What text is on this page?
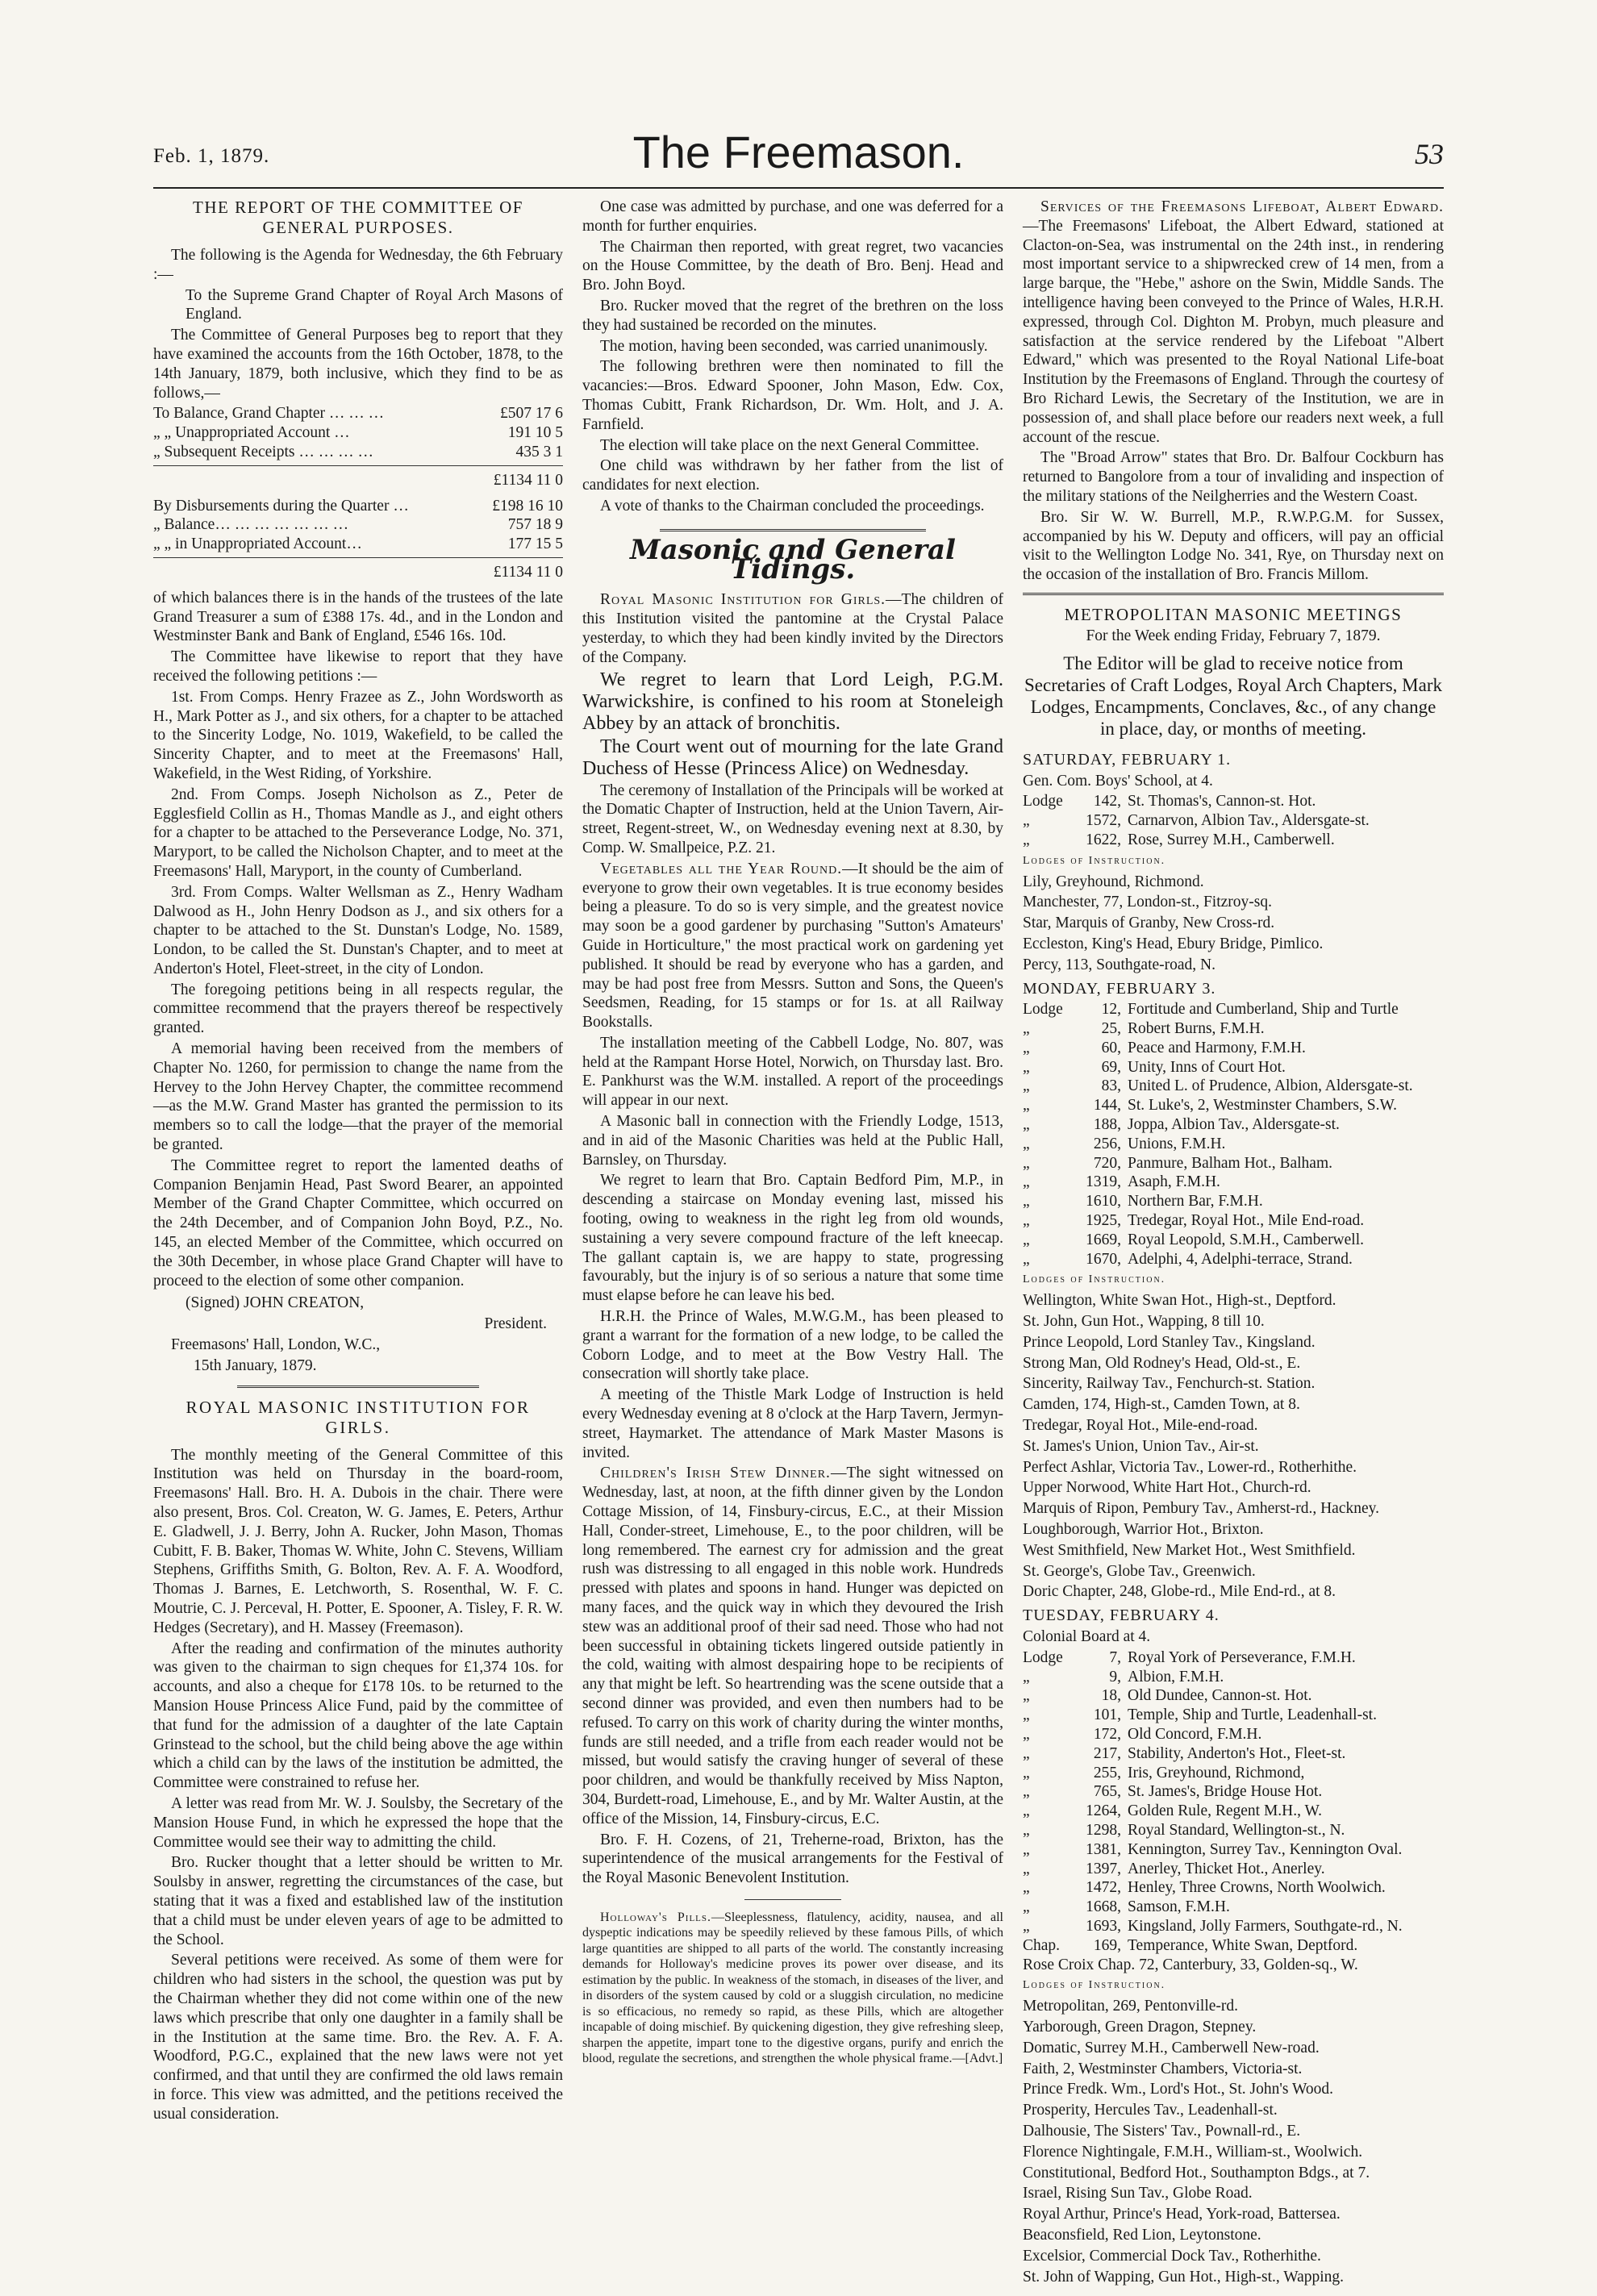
Feb. 1, 1879.	The Freemason.	53

THE REPORT OF THE COMMITTEE OF GENERAL PURPOSES.

The following is the Agenda for Wednesday, the 6th February :—

To the Supreme Grand Chapter of Royal Arch Masons of England.

The Committee of General Purposes beg to report that they have examined the accounts from the 16th October, 1878, to the 14th January, 1879, both inclusive, which they find to be as follows,—

To Balance, Grand Chapter … … …	£507 17 6
„ „ Unappropriated Account …	191 10 5
„ Subsequent Receipts … … … …	435 3 1
£1134 11 0
By Disbursements during the Quarter …	£198 16 10
„ Balance… … … … … … …	757 18 9
„ „ in Unappropriated Account…	177 15 5
£1134 11 0

of which balances there is in the hands of the trustees of the late Grand Treasurer a sum of £388 17s. 4d., and in the London and Westminster Bank and Bank of England, £546 16s. 10d.

The Committee have likewise to report that they have received the following petitions :—

1st. From Comps. Henry Frazee as Z., John Wordsworth as H., Mark Potter as J., and six others, for a chapter to be attached to the Sincerity Lodge, No. 1019, Wakefield, to be called the Sincerity Chapter, and to meet at the Freemasons' Hall, Wakefield, in the West Riding, of Yorkshire.

2nd. From Comps. Joseph Nicholson as Z., Peter de Egglesfield Collin as H., Thomas Mandle as J., and eight others for a chapter to be attached to the Perseverance Lodge, No. 371, Maryport, to be called the Nicholson Chapter, and to meet at the Freemasons' Hall, Maryport, in the county of Cumberland.

3rd. From Comps. Walter Wellsman as Z., Henry Wadham Dalwood as H., John Henry Dodson as J., and six others for a chapter to be attached to the St. Dunstan's Lodge, No. 1589, London, to be called the St. Dunstan's Chapter, and to meet at Anderton's Hotel, Fleet-street, in the city of London.

The foregoing petitions being in all respects regular, the committee recommend that the prayers thereof be respectively granted.

A memorial having been received from the members of Chapter No. 1260, for permission to change the name from the Hervey to the John Hervey Chapter, the committee recommend—as the M.W. Grand Master has granted the permission to its members so to call the lodge—that the prayer of the memorial be granted.

The Committee regret to report the lamented deaths of Companion Benjamin Head, Past Sword Bearer, an appointed Member of the Grand Chapter Committee, which occurred on the 24th December, and of Companion John Boyd, P.Z., No. 145, an elected Member of the Committee, which occurred on the 30th December, in whose place Grand Chapter will have to proceed to the election of some other companion.

(Signed) JOHN CREATON,

President.

Freemasons' Hall, London, W.C.,

15th January, 1879.

ROYAL MASONIC INSTITUTION FOR GIRLS.

The monthly meeting of the General Committee of this Institution was held on Thursday in the board-room, Freemasons' Hall. Bro. H. A. Dubois in the chair. There were also present, Bros. Col. Creaton, W. G. James, E. Peters, Arthur E. Gladwell, J. J. Berry, John A. Rucker, John Mason, Thomas Cubitt, F. B. Baker, Thomas W. White, John C. Stevens, William Stephens, Griffiths Smith, G. Bolton, Rev. A. F. A. Woodford, Thomas J. Barnes, E. Letchworth, S. Rosenthal, W. F. C. Moutrie, C. J. Perceval, H. Potter, E. Spooner, A. Tisley, F. R. W. Hedges (Secretary), and H. Massey (Freemason).

After the reading and confirmation of the minutes authority was given to the chairman to sign cheques for £1,374 10s. for accounts, and also a cheque for £178 10s. to be returned to the Mansion House Princess Alice Fund, paid by the committee of that fund for the admission of a daughter of the late Captain Grinstead to the school, but the child being above the age within which a child can by the laws of the institution be admitted, the Committee were constrained to refuse her.

A letter was read from Mr. W. J. Soulsby, the Secretary of the Mansion House Fund, in which he expressed the hope that the Committee would see their way to admitting the child.

Bro. Rucker thought that a letter should be written to Mr. Soulsby in answer, regretting the circumstances of the case, but stating that it was a fixed and established law of the institution that a child must be under eleven years of age to be admitted to the School.

Several petitions were received. As some of them were for children who had sisters in the school, the question was put by the Chairman whether they did not come within one of the new laws which prescribe that only one daughter in a family shall be in the Institution at the same time. Bro. the Rev. A. F. A. Woodford, P.G.C., explained that the new laws were not yet confirmed, and that until they are confirmed the old laws remain in force. This view was admitted, and the petitions received the usual consideration.

One case was admitted by purchase, and one was deferred for a month for further enquiries.

The Chairman then reported, with great regret, two vacancies on the House Committee, by the death of Bro. Benj. Head and Bro. John Boyd.

Bro. Rucker moved that the regret of the brethren on the loss they had sustained be recorded on the minutes.

The motion, having been seconded, was carried unanimously.

The following brethren were then nominated to fill the vacancies:—Bros. Edward Spooner, John Mason, Edw. Cox, Thomas Cubitt, Frank Richardson, Dr. Wm. Holt, and J. A. Farnfield.

The election will take place on the next General Committee.

One child was withdrawn by her father from the list of candidates for next election.

A vote of thanks to the Chairman concluded the proceedings.

Masonic and General Tidings.

Royal Masonic Institution for Girls.—The children of this Institution visited the pantomine at the Crystal Palace yesterday, to which they had been kindly invited by the Directors of the Company.

We regret to learn that Lord Leigh, P.G.M. Warwickshire, is confined to his room at Stoneleigh Abbey by an attack of bronchitis.

The Court went out of mourning for the late Grand Duchess of Hesse (Princess Alice) on Wednesday.

The ceremony of Installation of the Principals will be worked at the Domatic Chapter of Instruction, held at the Union Tavern, Air-street, Regent-street, W., on Wednesday evening next at 8.30, by Comp. W. Smallpeice, P.Z. 21.

Vegetables all the Year Round.—It should be the aim of everyone to grow their own vegetables. It is true economy besides being a pleasure. To do so is very simple, and the greatest novice may soon be a good gardener by purchasing "Sutton's Amateurs' Guide in Horticulture," the most practical work on gardening yet published. It should be read by everyone who has a garden, and may be had post free from Messrs. Sutton and Sons, the Queen's Seedsmen, Reading, for 15 stamps or for 1s. at all Railway Bookstalls.

The installation meeting of the Cabbell Lodge, No. 807, was held at the Rampant Horse Hotel, Norwich, on Thursday last. Bro. E. Pankhurst was the W.M. installed. A report of the proceedings will appear in our next.

A Masonic ball in connection with the Friendly Lodge, 1513, and in aid of the Masonic Charities was held at the Public Hall, Barnsley, on Thursday.

We regret to learn that Bro. Captain Bedford Pim, M.P., in descending a staircase on Monday evening last, missed his footing, owing to weakness in the right leg from old wounds, sustaining a very severe compound fracture of the left kneecap. The gallant captain is, we are happy to state, progressing favourably, but the injury is of so serious a nature that some time must elapse before he can leave his bed.

H.R.H. the Prince of Wales, M.W.G.M., has been pleased to grant a warrant for the formation of a new lodge, to be called the Coborn Lodge, and to meet at the Bow Vestry Hall. The consecration will shortly take place.

A meeting of the Thistle Mark Lodge of Instruction is held every Wednesday evening at 8 o'clock at the Harp Tavern, Jermyn-street, Haymarket. The attendance of Mark Master Masons is invited.

Children's Irish Stew Dinner.—The sight witnessed on Wednesday, last, at noon, at the fifth dinner given by the London Cottage Mission, of 14, Finsbury-circus, E.C., at their Mission Hall, Conder-street, Limehouse, E., to the poor children, will be long remembered. The earnest cry for admission and the great rush was distressing to all engaged in this noble work. Hundreds pressed with plates and spoons in hand. Hunger was depicted on many faces, and the quick way in which they devoured the Irish stew was an additional proof of their sad need. Those who had not been successful in obtaining tickets lingered outside patiently in the cold, waiting with almost despairing hope to be recipients of any that might be left. So heartrending was the scene outside that a second dinner was provided, and even then numbers had to be refused. To carry on this work of charity during the winter months, funds are still needed, and a trifle from each reader would not be missed, but would satisfy the craving hunger of several of these poor children, and would be thankfully received by Miss Napton, 304, Burdett-road, Limehouse, E., and by Mr. Walter Austin, at the office of the Mission, 14, Finsbury-circus, E.C.

Bro. F. H. Cozens, of 21, Treherne-road, Brixton, has the superintendence of the musical arrangements for the Festival of the Royal Masonic Benevolent Institution.

Holloway's Pills.—Sleeplessness, flatulency, acidity, nausea, and all dyspeptic indications may be speedily relieved by these famous Pills, of which large quantities are shipped to all parts of the world. The constantly increasing demands for Holloway's medicine proves its power over disease, and its estimation by the public. In weakness of the stomach, in diseases of the liver, and in disorders of the system caused by cold or a sluggish circulation, no medicine is so efficacious, no remedy so rapid, as these Pills, which are altogether incapable of doing mischief. By quickening digestion, they give refreshing sleep, sharpen the appetite, impart tone to the digestive organs, purify and enrich the blood, regulate the secretions, and strengthen the whole physical frame.—[Advt.]

Services of the Freemasons Lifeboat, Albert Edward.—The Freemasons' Lifeboat, the Albert Edward, stationed at Clacton-on-Sea, was instrumental on the 24th inst., in rendering most important service to a shipwrecked crew of 14 men, from a large barque, the "Hebe," ashore on the Swin, Middle Sands. The intelligence having been conveyed to the Prince of Wales, H.R.H. expressed, through Col. Dighton M. Probyn, much pleasure and satisfaction at the service rendered by the Lifeboat "Albert Edward," which was presented to the Royal National Life-boat Institution by the Freemasons of England. Through the courtesy of Bro Richard Lewis, the Secretary of the Institution, we are in possession of, and shall place before our readers next week, a full account of the rescue.

The "Broad Arrow" states that Bro. Dr. Balfour Cockburn has returned to Bangolore from a tour of invaliding and inspection of the military stations of the Neilgherries and the Western Coast.

Bro. Sir W. W. Burrell, M.P., R.W.P.G.M. for Sussex, accompanied by his W. Deputy and officers, will pay an official visit to the Wellington Lodge No. 341, Rye, on Thursday next on the occasion of the installation of Bro. Francis Millom.

METROPOLITAN MASONIC MEETINGS

For the Week ending Friday, February 7, 1879.

The Editor will be glad to receive notice from Secretaries of Craft Lodges, Royal Arch Chapters, Mark Lodges, Encampments, Conclaves, &c., of any change in place, day, or months of meeting.

SATURDAY, FEBRUARY 1.

Gen. Com. Boys' School, at 4.

Lodge	142, St. Thomas's, Cannon-st. Hot.
„	1572, Carnarvon, Albion Tav., Aldersgate-st.
„	1622, Rose, Surrey M.H., Camberwell.

Lodges of Instruction.

Lily, Greyhound, Richmond.

Manchester, 77, London-st., Fitzroy-sq.

Star, Marquis of Granby, New Cross-rd.

Eccleston, King's Head, Ebury Bridge, Pimlico.

Percy, 113, Southgate-road, N.

MONDAY, FEBRUARY 3.

Lodge	12, Fortitude and Cumberland, Ship and Turtle
„	25, Robert Burns, F.M.H.
„	60, Peace and Harmony, F.M.H.
„	69, Unity, Inns of Court Hot.
„	83, United L. of Prudence, Albion, Aldersgate-st.
„	144, St. Luke's, 2, Westminster Chambers, S.W.
„	188, Joppa, Albion Tav., Aldersgate-st.
„	256, Unions, F.M.H.
„	720, Panmure, Balham Hot., Balham.
„	1319, Asaph, F.M.H.
„	1610, Northern Bar, F.M.H.
„	1925, Tredegar, Royal Hot., Mile End-road.
„	1669, Royal Leopold, S.M.H., Camberwell.
„	1670, Adelphi, 4, Adelphi-terrace, Strand.

Lodges of Instruction.

Wellington, White Swan Hot., High-st., Deptford.

St. John, Gun Hot., Wapping, 8 till 10.

Prince Leopold, Lord Stanley Tav., Kingsland.

Strong Man, Old Rodney's Head, Old-st., E.

Sincerity, Railway Tav., Fenchurch-st. Station.

Camden, 174, High-st., Camden Town, at 8.

Tredegar, Royal Hot., Mile-end-road.

St. James's Union, Union Tav., Air-st.

Perfect Ashlar, Victoria Tav., Lower-rd., Rotherhithe.

Upper Norwood, White Hart Hot., Church-rd.

Marquis of Ripon, Pembury Tav., Amherst-rd., Hackney.

Loughborough, Warrior Hot., Brixton.

West Smithfield, New Market Hot., West Smithfield.

St. George's, Globe Tav., Greenwich.

Doric Chapter, 248, Globe-rd., Mile End-rd., at 8.

TUESDAY, FEBRUARY 4.

Colonial Board at 4.

Lodge	7, Royal York of Perseverance, F.M.H.
„	9, Albion, F.M.H.
„	18, Old Dundee, Cannon-st. Hot.
„	101, Temple, Ship and Turtle, Leadenhall-st.
„	172, Old Concord, F.M.H.
„	217, Stability, Anderton's Hot., Fleet-st.
„	255, Iris, Greyhound, Richmond,
„	765, St. James's, Bridge House Hot.
„	1264, Golden Rule, Regent M.H., W.
„	1298, Royal Standard, Wellington-st., N.
„	1381, Kennington, Surrey Tav., Kennington Oval.
„	1397, Anerley, Thicket Hot., Anerley.
„	1472, Henley, Three Crowns, North Woolwich.
„	1668, Samson, F.M.H.
„	1693, Kingsland, Jolly Farmers, Southgate-rd., N.
Chap.	169, Temperance, White Swan, Deptford.

Rose Croix Chap. 72, Canterbury, 33, Golden-sq., W.

Lodges of Instruction.

Metropolitan, 269, Pentonville-rd.

Yarborough, Green Dragon, Stepney.

Domatic, Surrey M.H., Camberwell New-road.

Faith, 2, Westminster Chambers, Victoria-st.

Prince Fredk. Wm., Lord's Hot., St. John's Wood.

Prosperity, Hercules Tav., Leadenhall-st.

Dalhousie, The Sisters' Tav., Pownall-rd., E.

Florence Nightingale, F.M.H., William-st., Woolwich.

Constitutional, Bedford Hot., Southampton Bdgs., at 7.

Israel, Rising Sun Tav., Globe Road.

Royal Arthur, Prince's Head, York-road, Battersea.

Beaconsfield, Red Lion, Leytonstone.

Excelsior, Commercial Dock Tav., Rotherhithe.

St. John of Wapping, Gun Hot., High-st., Wapping.
